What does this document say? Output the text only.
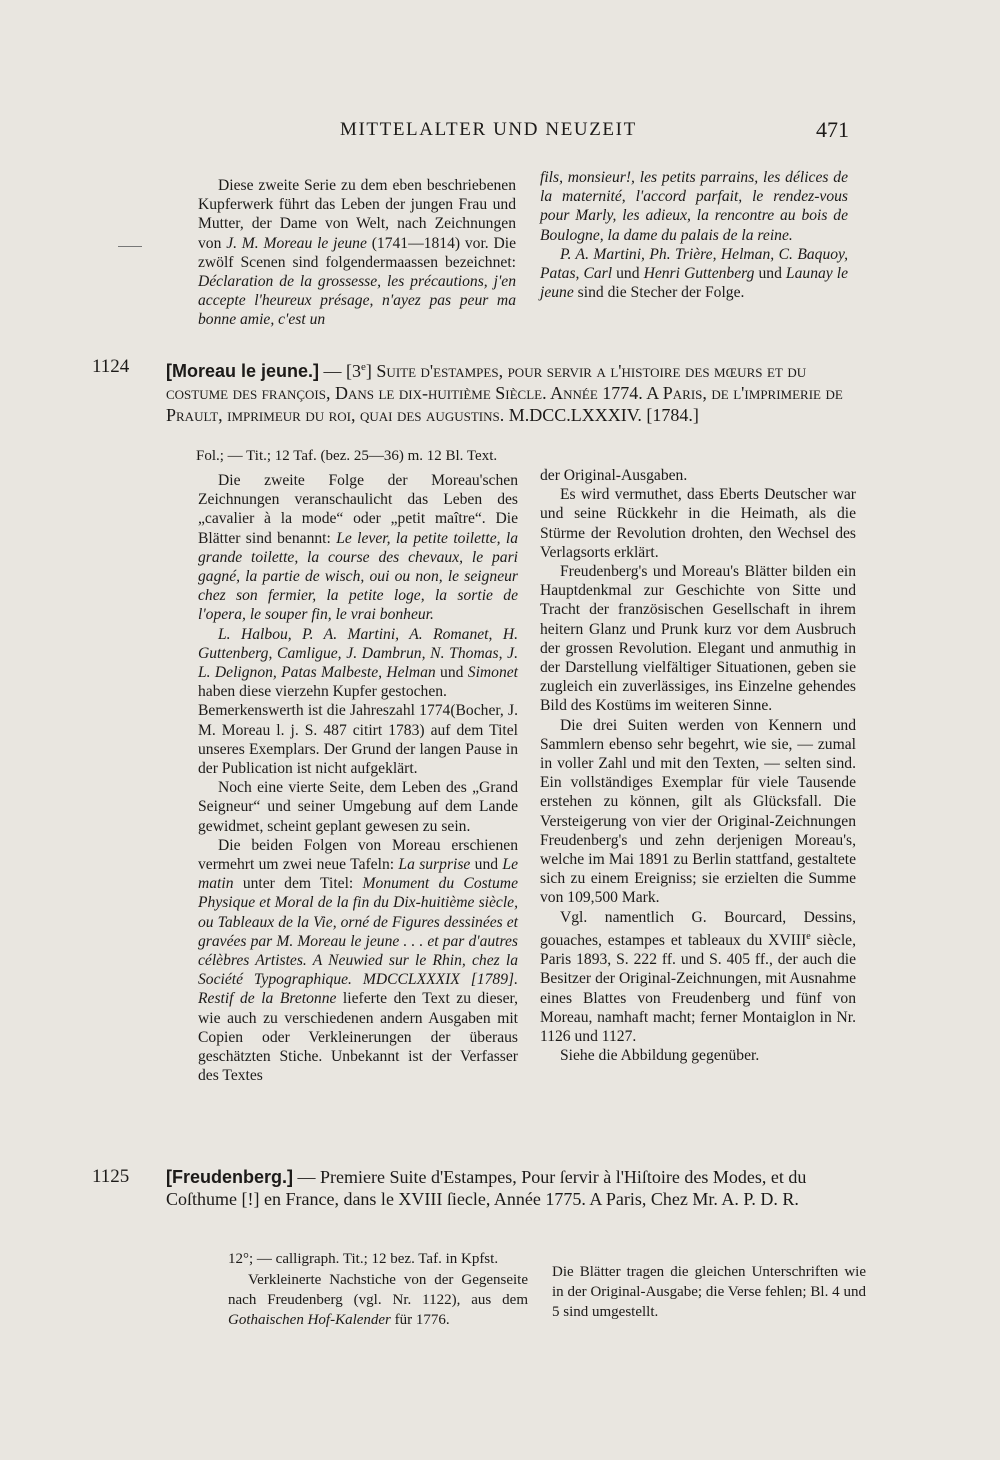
MITTELALTER UND NEUZEIT	471

Diese zweite Serie zu dem eben beschriebenen Kupferwerk führt das Leben der jungen Frau und Mutter, der Dame von Welt, nach Zeichnungen von J. M. Moreau le jeune (1741—1814) vor. Die zwölf Scenen sind folgendermaassen bezeichnet: Déclaration de la grossesse, les précautions, j'en accepte l'heureux présage, n'ayez pas peur ma bonne amie, c'est un

fils, monsieur!, les petits parrains, les délices de la maternité, l'accord parfait, le rendez-vous pour Marly, les adieux, la rencontre au bois de Boulogne, la dame du palais de la reine.

P. A. Martini, Ph. Trière, Helman, C. Baquoy, Patas, Carl und Henri Guttenberg und Launay le jeune sind die Stecher der Folge.

1124 [Moreau le jeune.] — [3e] Suite d'estampes, pour servir a l'histoire des mœurs et du costume des françois, Dans le dix-huitième Siècle. Année 1774. A Paris, de l'imprimerie de Prault, imprimeur du roi, quai des augustins. M.DCC.LXXXIV. [1784.]
Fol.; — Tit.; 12 Taf. (bez. 25—36) m. 12 Bl. Text.

Die zweite Folge der Moreau'schen Zeichnungen veranschaulicht das Leben des „cavalier à la mode“ oder „petit maître“. Die Blätter sind benannt: Le lever, la petite toilette, la grande toilette, la course des chevaux, le pari gagné, la partie de wisch, oui ou non, le seigneur chez son fermier, la petite loge, la sortie de l'opera, le souper fin, le vrai bonheur.

L. Halbou, P. A. Martini, A. Romanet, H. Guttenberg, Camligue, J. Dambrun, N. Thomas, J. L. Delignon, Patas Malbeste, Helman und Simonet haben diese vierzehn Kupfer gestochen.

Bemerkenswerth ist die Jahreszahl 1774(Bocher, J. M. Moreau l. j. S. 487 citirt 1783) auf dem Titel unseres Exemplars. Der Grund der langen Pause in der Publication ist nicht aufgeklärt.

Noch eine vierte Seite, dem Leben des „Grand Seigneur“ und seiner Umgebung auf dem Lande gewidmet, scheint geplant gewesen zu sein.

Die beiden Folgen von Moreau erschienen vermehrt um zwei neue Tafeln: La surprise und Le matin unter dem Titel: Monument du Costume Physique et Moral de la fin du Dix-huitième siècle, ou Tableaux de la Vie, orné de Figures dessinées et gravées par M. Moreau le jeune . . . et par d'autres célèbres Artistes. A Neuwied sur le Rhin, chez la Société Typographique. MDCCLXXXIX [1789]. Restif de la Bretonne lieferte den Text zu dieser, wie auch zu verschiedenen andern Ausgaben mit Copien oder Verkleinerungen der überaus geschätzten Stiche. Unbekannt ist der Verfasser des Textes

der Original-Ausgaben.

Es wird vermuthet, dass Eberts Deutscher war und seine Rückkehr in die Heimath, als die Stürme der Revolution drohten, den Wechsel des Verlagsorts erklärt.

Freudenberg's und Moreau's Blätter bilden ein Hauptdenkmal zur Geschichte von Sitte und Tracht der französischen Gesellschaft in ihrem heitern Glanz und Prunk kurz vor dem Ausbruch der grossen Revolution. Elegant und anmuthig in der Darstellung vielfältiger Situationen, geben sie zugleich ein zuverlässiges, ins Einzelne gehendes Bild des Kostüms im weiteren Sinne.

Die drei Suiten werden von Kennern und Sammlern ebenso sehr begehrt, wie sie, — zumal in voller Zahl und mit den Texten, — selten sind. Ein vollständiges Exemplar für viele Tausende erstehen zu können, gilt als Glücksfall. Die Versteigerung von vier der Original-Zeichnungen Freudenberg's und zehn derjenigen Moreau's, welche im Mai 1891 zu Berlin stattfand, gestaltete sich zu einem Ereigniss; sie erzielten die Summe von 109,500 Mark.

Vgl. namentlich G. Bourcard, Dessins, gouaches, estampes et tableaux du XVIIIe siècle, Paris 1893, S. 222 ff. und S. 405 ff., der auch die Besitzer der Original-Zeichnungen, mit Ausnahme eines Blattes von Freudenberg und fünf von Moreau, namhaft macht; ferner Montaiglon in Nr. 1126 und 1127.

Siehe die Abbildung gegenüber.

1125 [Freudenberg.] — Premiere Suite d'Estampes, Pour ſervir à l'Hiſtoire des Modes, et du Coſthume [!] en France, dans le XVIII ſiecle, Année 1775. A Paris, Chez Mr. A. P. D. R.
12°; — calligraph. Tit.; 12 bez. Taf. in Kpfst.

Verkleinerte Nachstiche von der Gegenseite nach Freudenberg (vgl. Nr. 1122), aus dem Gothaischen Hof-Kalender für 1776.

Die Blätter tragen die gleichen Unterschriften wie in der Original-Ausgabe; die Verse fehlen; Bl. 4 und 5 sind umgestellt.
